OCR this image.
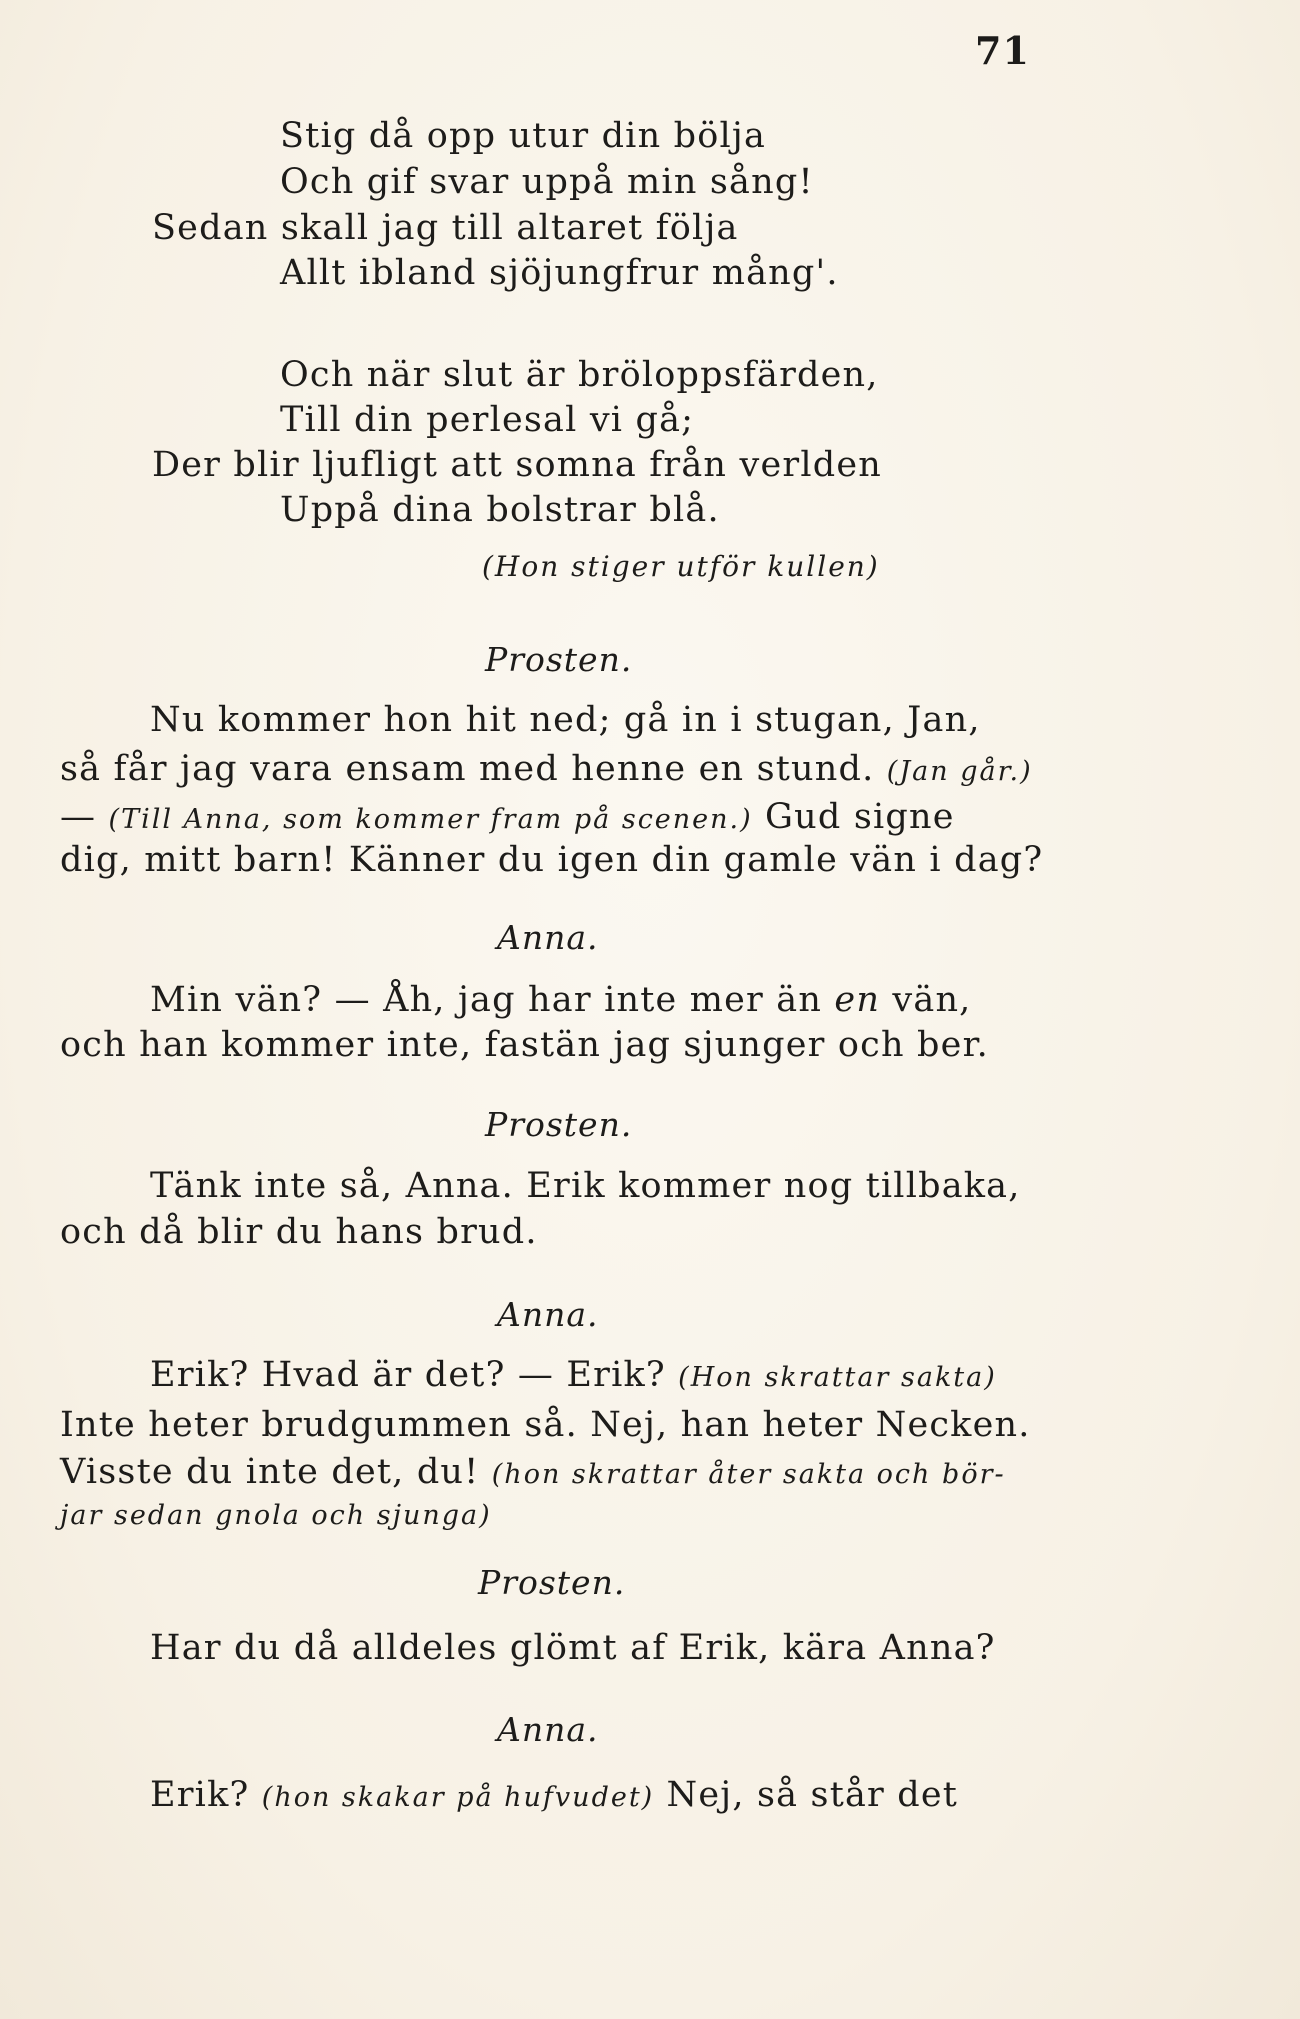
71
Stig då opp utur din bölja
Och gif svar uppå min sång!
Sedan skall jag till altaret följa
Allt ibland sjöjungfrur mång'.
Och när slut är bröloppsfärden,
Till din perlesal vi gå;
Der blir ljufligt att somna från verlden
Uppå dina bolstrar blå.
(Hon stiger utför kullen)
Prosten.
Nu kommer hon hit ned; gå in i stugan, Jan,
så får jag vara ensam med henne en stund. (Jan går.)
— (Till Anna, som kommer fram på scenen.) Gud signe
dig, mitt barn! Känner du igen din gamle vän i dag?
Anna.
Min vän? — Åh, jag har inte mer än en vän,
och han kommer inte, fastän jag sjunger och ber.
Prosten.
Tänk inte så, Anna. Erik kommer nog tillbaka,
och då blir du hans brud.
Anna.
Erik? Hvad är det? — Erik? (Hon skrattar sakta)
Inte heter brudgummen så. Nej, han heter Necken.
Visste du inte det, du! (hon skrattar åter sakta och bör-
jar sedan gnola och sjunga)
Prosten.
Har du då alldeles glömt af Erik, kära Anna?
Anna.
Erik? (hon skakar på hufvudet) Nej, så står det
